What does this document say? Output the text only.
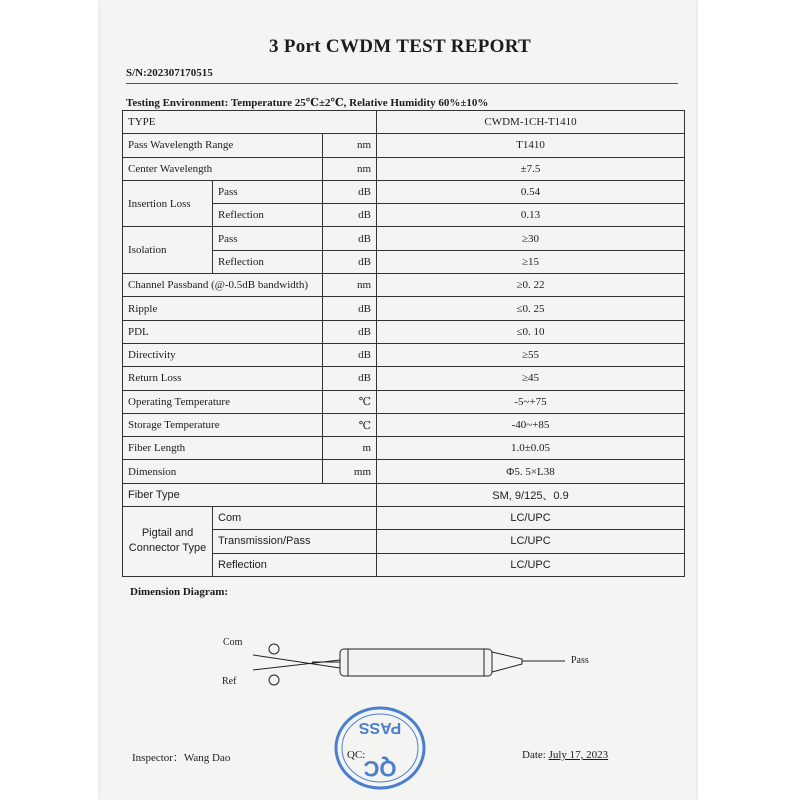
3 Port CWDM TEST REPORT
S/N:202307170515
Testing Environment: Temperature 25℃±2℃, Relative Humidity 60%±10%
TYPE			CWDM-1CH-T1410
Pass Wavelength Range		nm	T1410
Center Wavelength		nm	±7.5
Insertion Loss	Pass	dB	0.54
	Reflection	dB	0.13
Isolation	Pass	dB	≥30
	Reflection	dB	≥15
Channel Passband (@-0.5dB bandwidth)		nm	≥0. 22
Ripple		dB	≤0. 25
PDL		dB	≤0. 10
Directivity		dB	≥55
Return Loss		dB	≥45
Operating Temperature		℃	-5~+75
Storage Temperature		℃	-40~+85
Fiber Length		m	1.0±0.05
Dimension		mm	Φ5. 5×L38
Fiber Type			SM, 9/125、0.9
Pigtail and
Connector Type	Com		LC/UPC
	Transmission/Pass		LC/UPC
	Reflection		LC/UPC
Dimension Diagram:
Com
Ref
Pass
Inspector：Wang Dao	QC:	Date: July 17, 2023
PASS
QC
